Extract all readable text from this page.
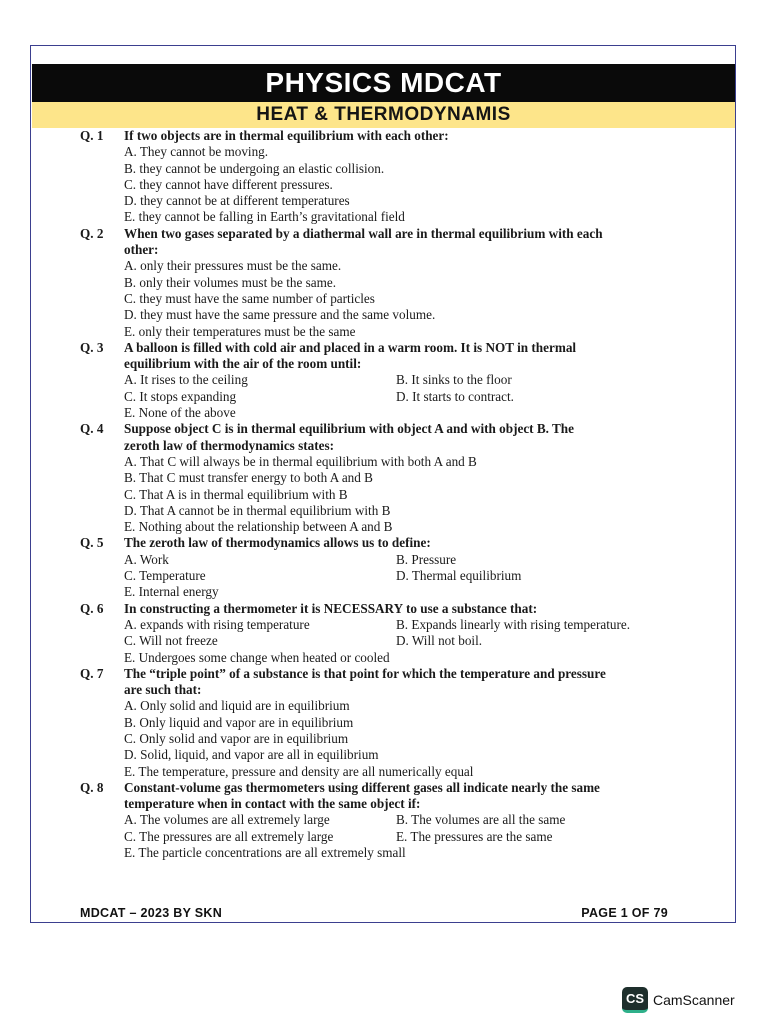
PHYSICS MDCAT
HEAT & THERMODYNAMIS
Q. 1 If two objects are in thermal equilibrium with each other:
A. They cannot be moving.
B. they cannot be undergoing an elastic collision.
C. they cannot have different pressures.
D. they cannot be at different temperatures
E. they cannot be falling in Earth’s gravitational field
Q. 2 When two gases separated by a diathermal wall are in thermal equilibrium with each
other:
A. only their pressures must be the same.
B. only their volumes must be the same.
C. they must have the same number of particles
D. they must have the same pressure and the same volume.
E. only their temperatures must be the same
Q. 3 A balloon is filled with cold air and placed in a warm room. It is NOT in thermal
equilibrium with the air of the room until:
A. It rises to the ceiling	B. It sinks to the floor
C. It stops expanding	D. It starts to contract.
E. None of the above
Q. 4 Suppose object C is in thermal equilibrium with object A and with object B. The
zeroth law of thermodynamics states:
A. That C will always be in thermal equilibrium with both A and B
B. That C must transfer energy to both A and B
C. That A is in thermal equilibrium with B
D. That A cannot be in thermal equilibrium with B
E. Nothing about the relationship between A and B
Q. 5 The zeroth law of thermodynamics allows us to define:
A. Work	B. Pressure
C. Temperature	D. Thermal equilibrium
E. Internal energy
Q. 6 In constructing a thermometer it is NECESSARY to use a substance that:
A. expands with rising temperature	B. Expands linearly with rising temperature.
C. Will not freeze	D. Will not boil.
E. Undergoes some change when heated or cooled
Q. 7 The “triple point” of a substance is that point for which the temperature and pressure
are such that:
A. Only solid and liquid are in equilibrium
B. Only liquid and vapor are in equilibrium
C. Only solid and vapor are in equilibrium
D. Solid, liquid, and vapor are all in equilibrium
E. The temperature, pressure and density are all numerically equal
Q. 8 Constant-volume gas thermometers using different gases all indicate nearly the same
temperature when in contact with the same object if:
A. The volumes are all extremely large	B. The volumes are all the same
C. The pressures are all extremely large	E. The pressures are the same
E. The particle concentrations are all extremely small
MDCAT – 2023 BY SKN	PAGE 1 OF 79
CS CamScanner
